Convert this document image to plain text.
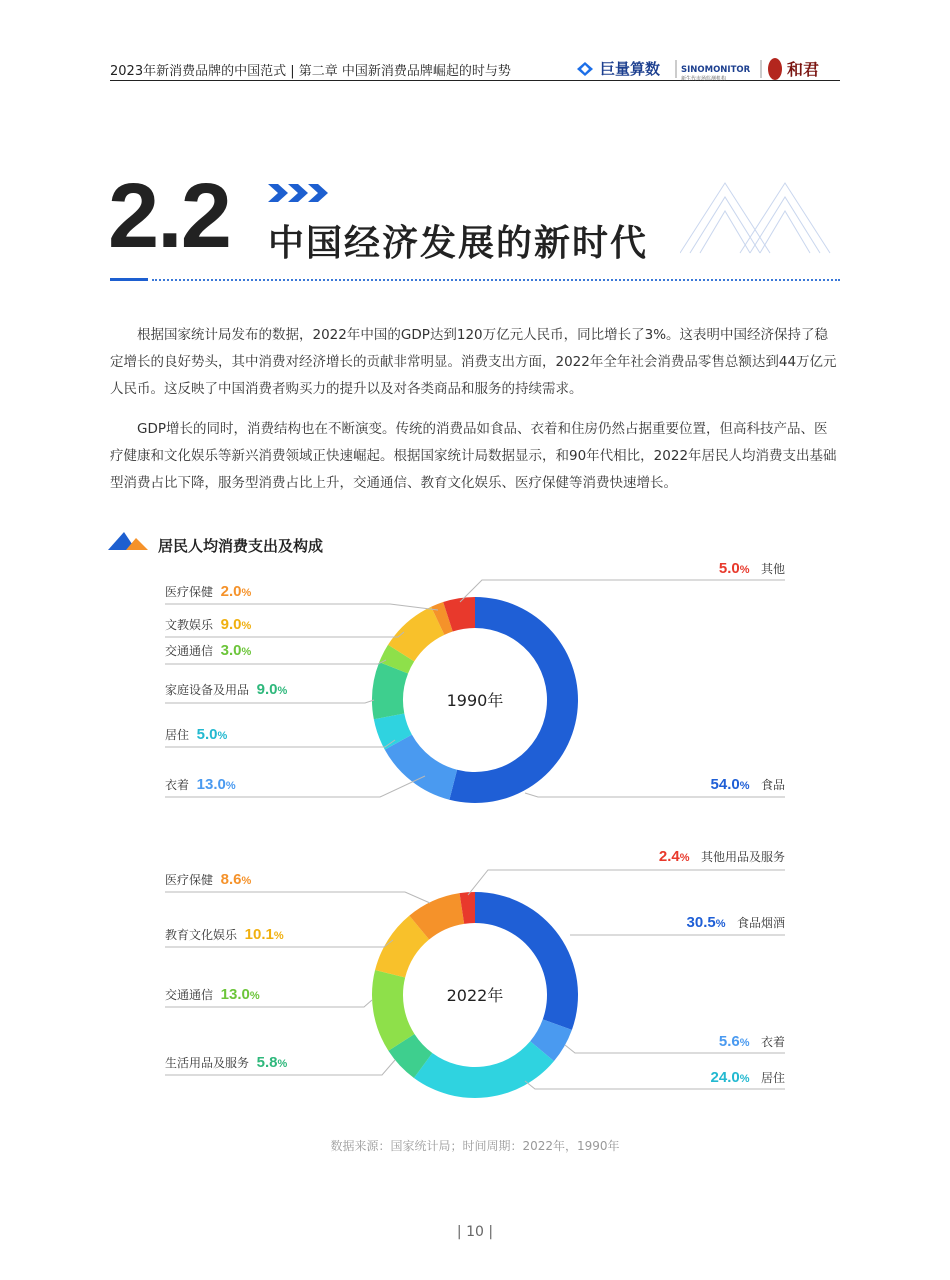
2023年新消费品牌的中国范式 | 第二章 中国新消费品牌崛起的时与势	巨量算数 SINOMONITOR
新生代市场监测机构	和君
2.2 中国经济发展的新时代

根据国家统计局发布的数据，2022年中国的GDP达到120万亿元人民币，同比增长了3%。这表明中国经济保持了稳定增长的良好势头，其中消费对经济增长的贡献非常明显。消费支出方面，2022年全年社会消费品零售总额达到44万亿元人民币。这反映了中国消费者购买力的提升以及对各类商品和服务的持续需求。

GDP增长的同时，消费结构也在不断演变。传统的消费品如食品、衣着和住房仍然占据重要位置，但高科技产品、医疗健康和文化娱乐等新兴消费领域正快速崛起。根据国家统计局数据显示，和90年代相比，2022年居民人均消费支出基础型消费占比下降，服务型消费占比上升，交通通信、教育文化娱乐、医疗保健等消费快速增长。

居民人均消费支出及构成
1990年
2022年
54.0% 食品
衣着 13.0%
居住 5.0%
家庭设备及用品 9.0%
交通通信 3.0%
文教娱乐 9.0%
医疗保健 2.0%
5.0% 其他
30.5% 食品烟酒
5.6% 衣着
24.0% 居住
生活用品及服务 5.8%
交通通信 13.0%
教育文化娱乐 10.1%
医疗保健 8.6%
2.4% 其他用品及服务
数据来源：国家统计局；时间周期：2022年，1990年
| 10 |
